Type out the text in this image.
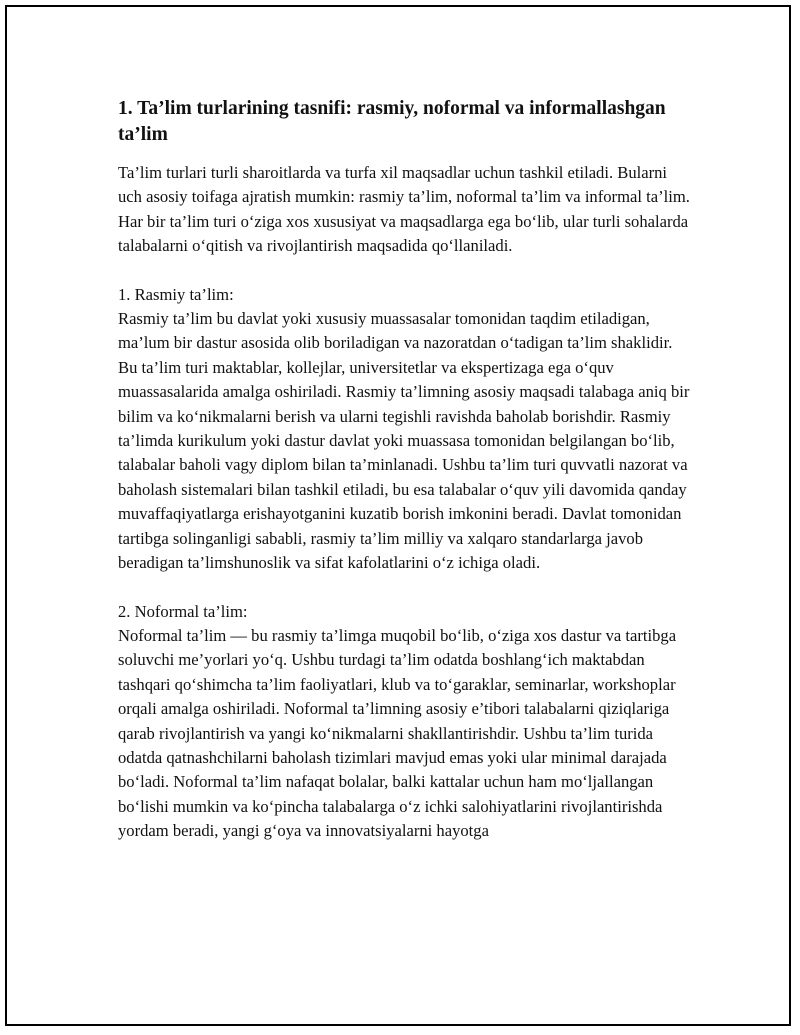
1. Ta’lim turlarining tasnifi: rasmiy, noformal va informallashgan ta’lim

Ta’lim turlari turli sharoitlarda va turfa xil maqsadlar uchun tashkil etiladi. Bularni uch asosiy toifaga ajratish mumkin: rasmiy ta’lim, noformal ta’lim va informal ta’lim. Har bir ta’lim turi o‘ziga xos xususiyat va maqsadlarga ega bo‘lib, ular turli sohalarda talabalarni o‘qitish va rivojlantirish maqsadida qo‘llaniladi.

1. Rasmiy ta’lim:

Rasmiy ta’lim bu davlat yoki xususiy muassasalar tomonidan taqdim etiladigan, ma’lum bir dastur asosida olib boriladigan va nazoratdan o‘tadigan ta’lim shaklidir. Bu ta’lim turi maktablar, kollejlar, universitetlar va ekspertizaga ega o‘quv muassasalarida amalga oshiriladi. Rasmiy ta’limning asosiy maqsadi talabaga aniq bir bilim va ko‘nikmalarni berish va ularni tegishli ravishda baholab borishdir. Rasmiy ta’limda kurikulum yoki dastur davlat yoki muassasa tomonidan belgilangan bo‘lib, talabalar baholi vagy diplom bilan ta’minlanadi. Ushbu ta’lim turi quvvatli nazorat va baholash sistemalari bilan tashkil etiladi, bu esa talabalar o‘quv yili davomida qanday muvaffaqiyatlarga erishayotganini kuzatib borish imkonini beradi. Davlat tomonidan tartibga solinganligi sababli, rasmiy ta’lim milliy va xalqaro standarlarga javob beradigan ta’limshunoslik va sifat kafolatlarini o‘z ichiga oladi.

2. Noformal ta’lim:

Noformal ta’lim — bu rasmiy ta’limga muqobil bo‘lib, o‘ziga xos dastur va tartibga soluvchi me’yorlari yo‘q. Ushbu turdagi ta’lim odatda boshlang‘ich maktabdan tashqari qo‘shimcha ta’lim faoliyatlari, klub va to‘garaklar, seminarlar, workshoplar orqali amalga oshiriladi. Noformal ta’limning asosiy e’tibori talabalarni qiziqlariga qarab rivojlantirish va yangi ko‘nikmalarni shakllantirishdir. Ushbu ta’lim turida odatda qatnashchilarni baholash tizimlari mavjud emas yoki ular minimal darajada bo‘ladi. Noformal ta’lim nafaqat bolalar, balki kattalar uchun ham mo‘ljallangan bo‘lishi mumkin va ko‘pincha talabalarga o‘z ichki salohiyatlarini rivojlantirishda yordam beradi, yangi g‘oya va innovatsiyalarni hayotga
